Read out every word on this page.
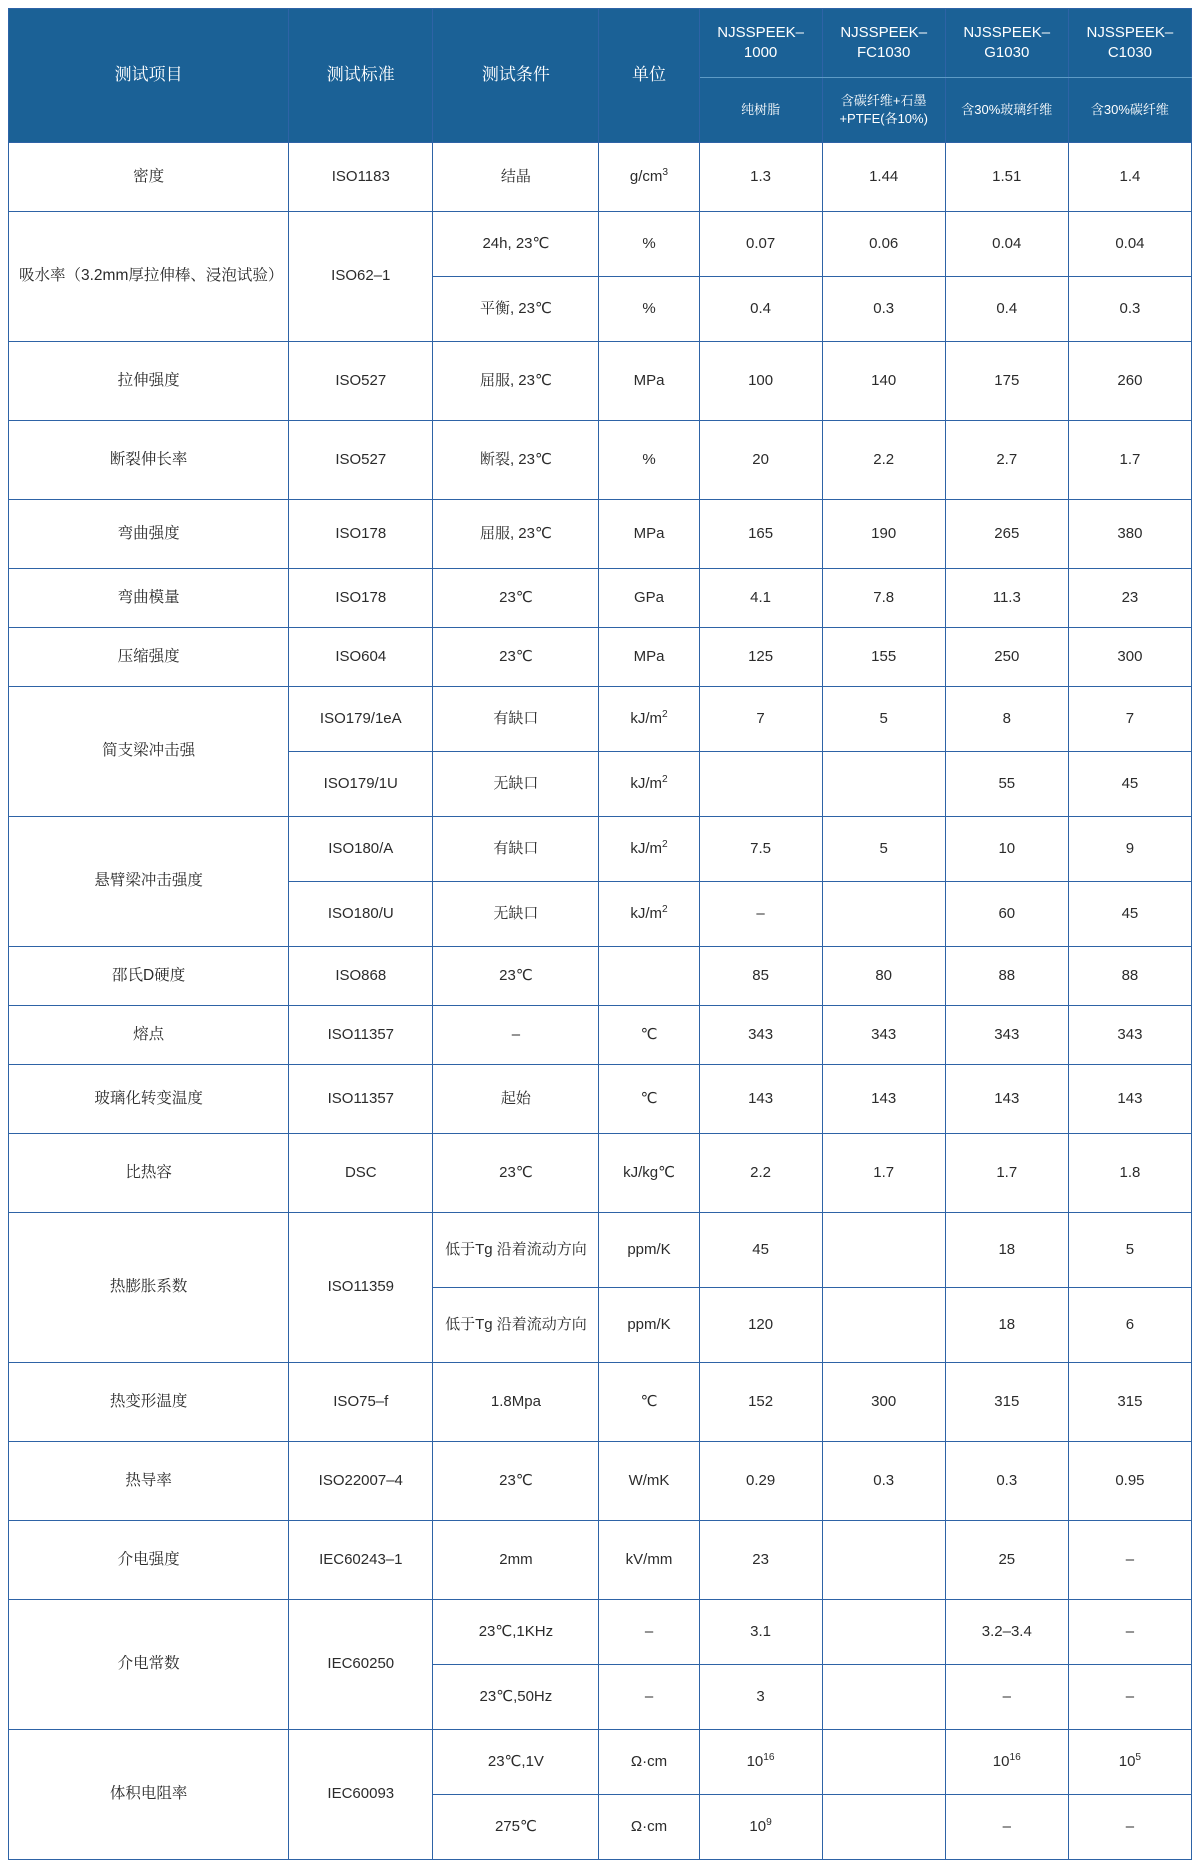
测试项目	测试标准	测试条件	单位	NJSSPEEK–1000	NJSSPEEK–FC1030	NJSSPEEK–G1030	NJSSPEEK–C1030
				纯树脂	含碳纤维+石墨+PTFE(各10%)	含30%玻璃纤维	含30%碳纤维
密度	ISO1183	结晶	$g/cm^3$	1.3	1.44	1.51	1.4
吸水率（3.2mm厚拉伸棒、浸泡试验）	ISO62–1	24h, 23℃	%	0.07	0.06	0.04	0.04
		平衡, 23℃	%	0.4	0.3	0.4	0.3
拉伸强度	ISO527	屈服, 23℃	MPa	100	140	175	260
断裂伸长率	ISO527	断裂, 23℃	%	20	2.2	2.7	1.7
弯曲强度	ISO178	屈服, 23℃	MPa	165	190	265	380
弯曲模量	ISO178	23℃	GPa	4.1	7.8	11.3	23
压缩强度	ISO604	23℃	MPa	125	155	250	300
简支梁冲击强	ISO179/1eA	有缺口	$kJ/m^2$	7	5	8	7
	ISO179/1U	无缺口	$kJ/m^2$			55	45
悬臂梁冲击强度	ISO180/A	有缺口	$kJ/m^2$	7.5	5	10	9
	ISO180/U	无缺口	$kJ/m^2$	–		60	45
邵氏D硬度	ISO868	23℃		85	80	88	88
熔点	ISO11357	–	℃	343	343	343	343
玻璃化转变温度	ISO11357	起始	℃	143	143	143	143
比热容	DSC	23℃	kJ/kg℃	2.2	1.7	1.7	1.8
热膨胀系数	ISO11359	低于Tg 沿着流动方向	ppm/K	45		18	5
		低于Tg 沿着流动方向	ppm/K	120		18	6
热变形温度	ISO75–f	1.8Mpa	℃	152	300	315	315
热导率	ISO22007–4	23℃	W/mK	0.29	0.3	0.3	0.95
介电强度	IEC60243–1	2mm	kV/mm	23		25	–
介电常数	IEC60250	23℃,1KHz	–	3.1		3.2–3.4	–
		23℃,50Hz	–	3		–	–
体积电阻率	IEC60093	23℃,1V	Ω·cm	$10^{16}$		$10^{16}$	$10^5$
		275℃	Ω·cm	$10^9$		–	–
